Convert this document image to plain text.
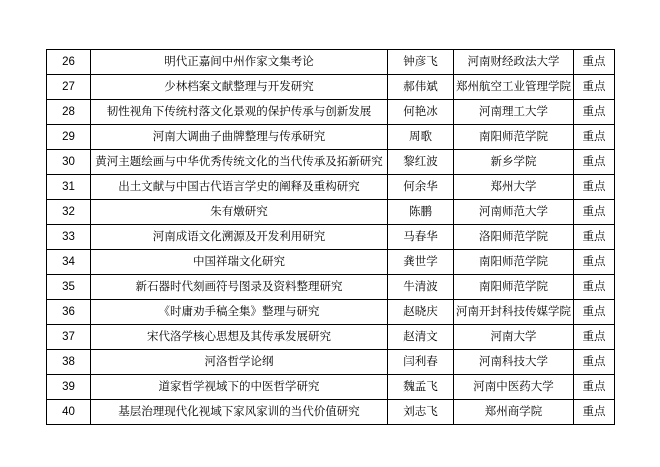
26	明代正嘉间中州作家文集考论	钟彦飞	河南财经政法大学	重点
27	少林档案文献整理与开发研究	郝伟斌	郑州航空工业管理学院	重点
28	韧性视角下传统村落文化景观的保护传承与创新发展	何艳冰	河南理工大学	重点
29	河南大调曲子曲牌整理与传承研究	周歌	南阳师范学院	重点
30	黄河主题绘画与中华优秀传统文化的当代传承及拓新研究	黎红波	新乡学院	重点
31	出土文献与中国古代语言学史的阐释及重构研究	何余华	郑州大学	重点
32	朱有燉研究	陈鹏	河南师范大学	重点
33	河南成语文化溯源及开发利用研究	马春华	洛阳师范学院	重点
34	中国祥瑞文化研究	龚世学	南阳师范学院	重点
35	新石器时代刻画符号图录及资料整理研究	牛清波	南阳师范学院	重点
36	《时庸劝手稿全集》整理与研究	赵晓庆	河南开封科技传媒学院	重点
37	宋代洛学核心思想及其传承发展研究	赵清文	河南大学	重点
38	河洛哲学论纲	闫利春	河南科技大学	重点
39	道家哲学视域下的中医哲学研究	魏孟飞	河南中医药大学	重点
40	基层治理现代化视域下家风家训的当代价值研究	刘志飞	郑州商学院	重点
